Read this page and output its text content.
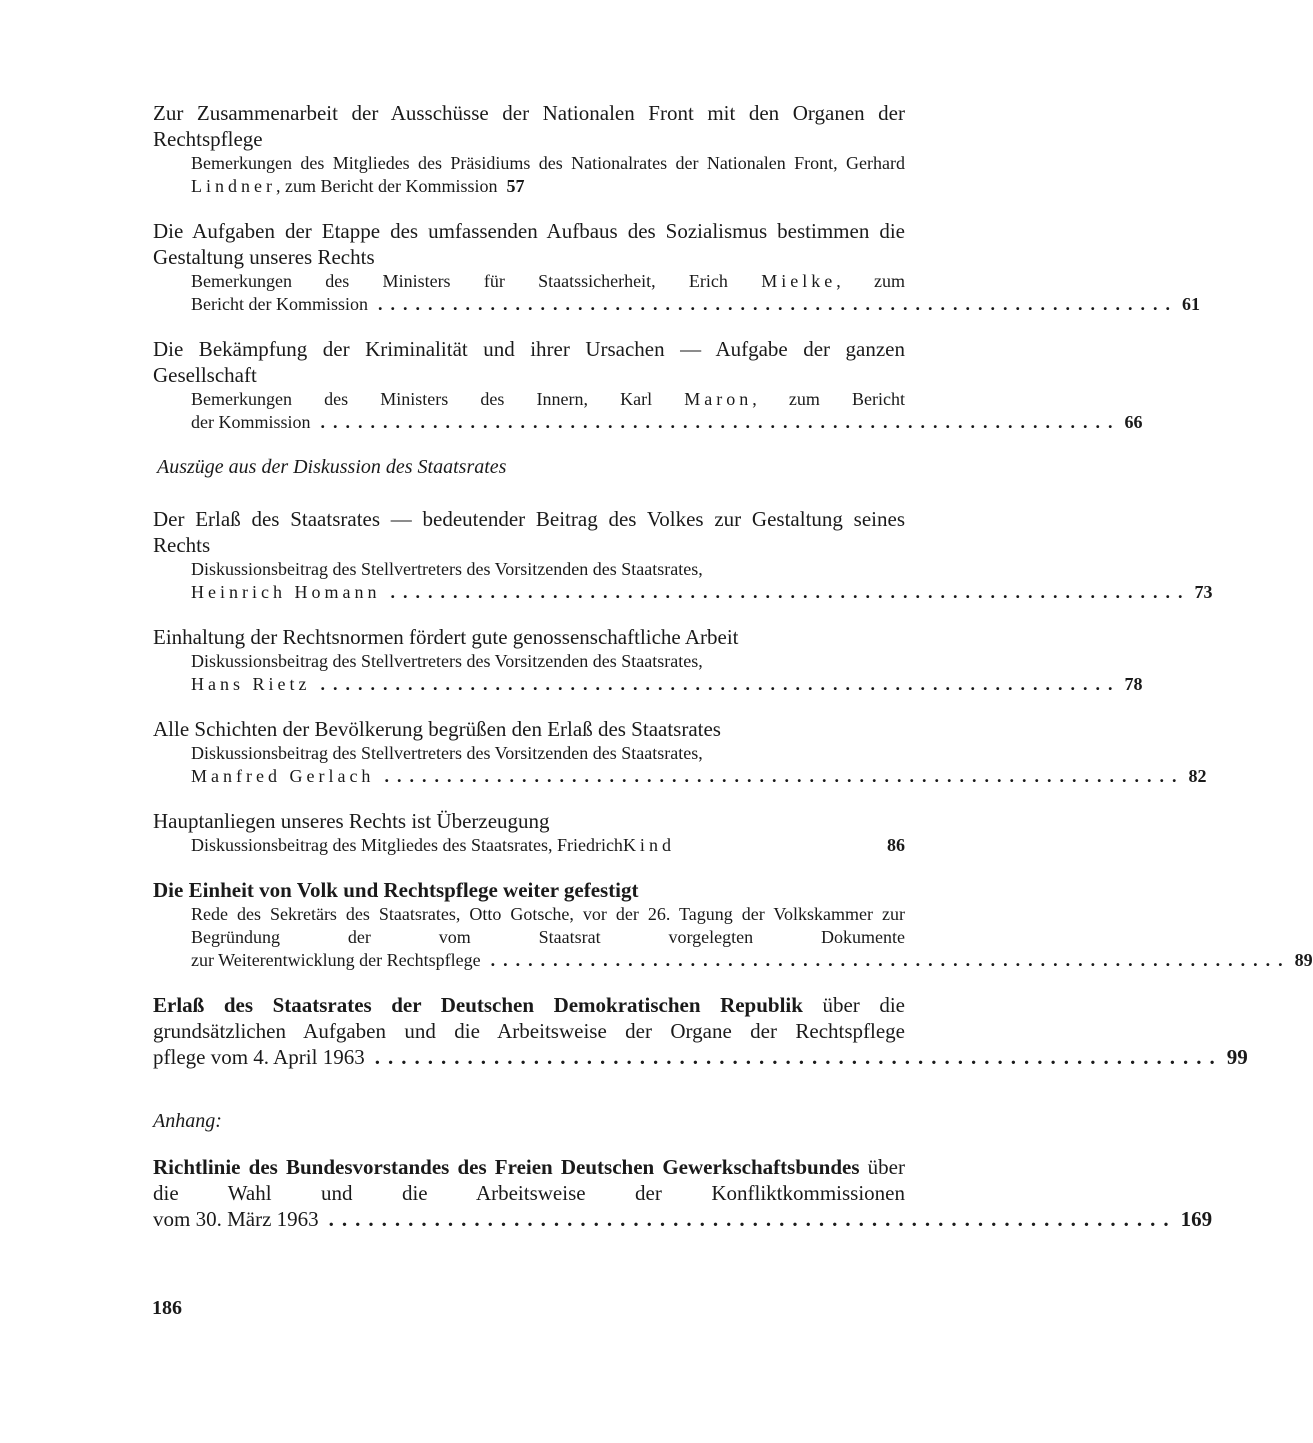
Zur Zusammenarbeit der Ausschüsse der Nationalen Front mit den Organen der Rechtspflege
Bemerkungen des Mitgliedes des Präsidiums des Nationalrates der Nationalen Front, Gerhard Lindner, zum Bericht der Kommission 57
Die Aufgaben der Etappe des umfassenden Aufbaus des Sozialismus bestimmen die Gestaltung unseres Rechts
Bemerkungen des Ministers für Staatssicherheit, Erich Mielke, zum
Bericht der Kommission ................................................................ 61
Die Bekämpfung der Kriminalität und ihrer Ursachen — Aufgabe der ganzen Gesellschaft
Bemerkungen des Ministers des Innern, Karl Maron, zum Bericht
der Kommission ................................................................ 66
Auszüge aus der Diskussion des Staatsrates
Der Erlaß des Staatsrates — bedeutender Beitrag des Volkes zur Gestaltung seines Rechts
Diskussionsbeitrag des Stellvertreters des Vorsitzenden des Staatsrates,
Heinrich Homann ................................................................ 73
Einhaltung der Rechtsnormen fördert gute genossenschaftliche Arbeit
Diskussionsbeitrag des Stellvertreters des Vorsitzenden des Staatsrates,
Hans Rietz ................................................................ 78
Alle Schichten der Bevölkerung begrüßen den Erlaß des Staatsrates
Diskussionsbeitrag des Stellvertreters des Vorsitzenden des Staatsrates,
Manfred Gerlach ................................................................ 82
Hauptanliegen unseres Rechts ist Überzeugung
Diskussionsbeitrag des Mitgliedes des Staatsrates, Friedrich Kind	86
Die Einheit von Volk und Rechtspflege weiter gefestigt
Rede des Sekretärs des Staatsrates, Otto Gotsche, vor der 26. Tagung der Volkskammer zur Begründung der vom Staatsrat vorgelegten Dokumente
zur Weiterentwicklung der Rechtspflege ................................................................ 89
Erlaß des Staatsrates der Deutschen Demokratischen Republik über die grundsätzlichen Aufgaben und die Arbeitsweise der Organe der Rechtspflege
pflege vom 4. April 1963 ................................................................ 99
Anhang:
Richtlinie des Bundesvorstandes des Freien Deutschen Gewerkschaftsbundes über die Wahl und die Arbeitsweise der Konfliktkommissionen
vom 30. März 1963 ................................................................ 169
186
